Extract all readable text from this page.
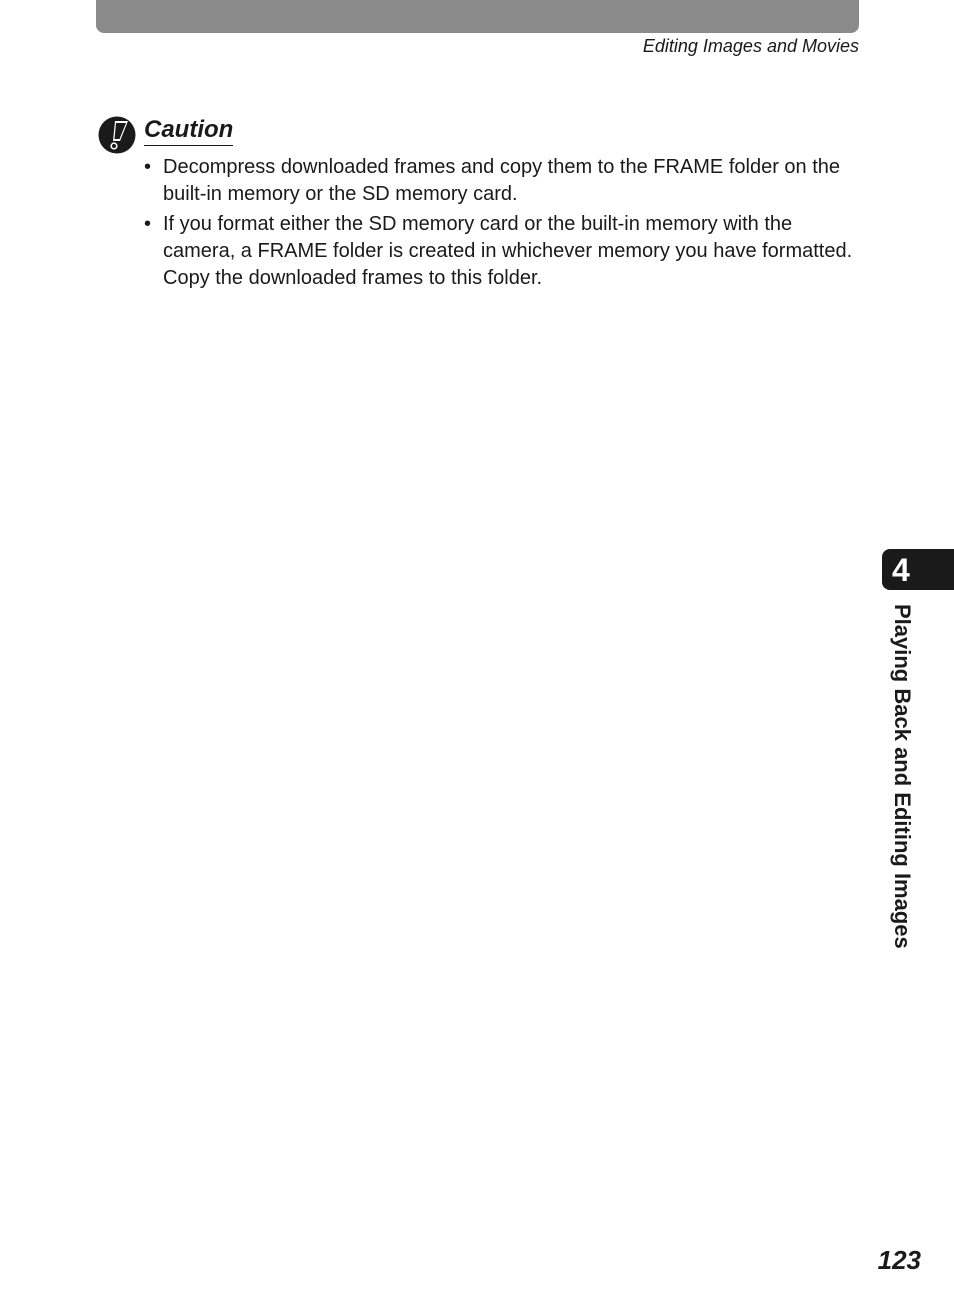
Editing Images and Movies
Caution
• Decompress downloaded frames and copy them to the FRAME folder on the built-in memory or the SD memory card.
• If you format either the SD memory card or the built-in memory with the camera, a FRAME folder is created in whichever memory you have formatted. Copy the downloaded frames to this folder.
4
Playing Back and Editing Images
123
